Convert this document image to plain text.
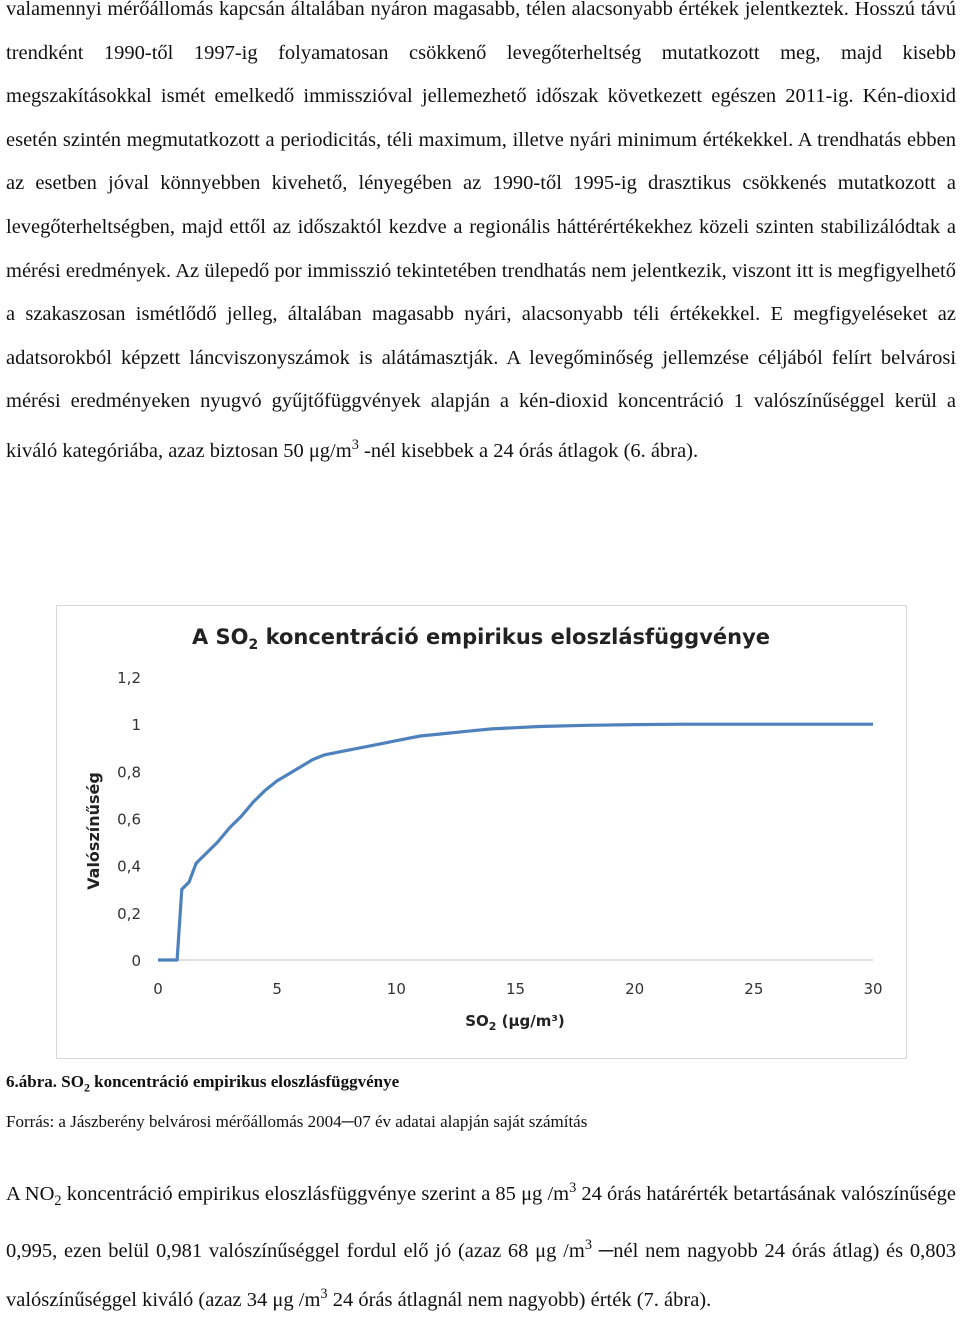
valamennyi mérőállomás kapcsán általában nyáron magasabb, télen alacsonyabb értékek jelentkeztek. Hosszú távú trendként 1990-től 1997-ig folyamatosan csökkenő levegőterheltség mutatkozott meg, majd kisebb megszakításokkal ismét emelkedő immisszióval jellemezhető időszak következett egészen 2011-ig. Kén-dioxid esetén szintén megmutatkozott a periodicitás, téli maximum, illetve nyári minimum értékekkel. A trendhatás ebben az esetben jóval könnyebben kivehető, lényegében az 1990-től 1995-ig drasztikus csökkenés mutatkozott a levegőterheltségben, majd ettől az időszaktól kezdve a regionális háttérértékekhez közeli szinten stabilizálódtak a mérési eredmények. Az ülepedő por immisszió tekintetében trendhatás nem jelentkezik, viszont itt is megfigyelhető a szakaszosan ismétlődő jelleg, általában magasabb nyári, alacsonyabb téli értékekkel. E megfigyeléseket az adatsorokból képzett láncviszonyszámok is alátámasztják. A levegőminőség jellemzése céljából felírt belvárosi mérési eredményeken nyugvó gyűjtőfüggvények alapján a kén-dioxid koncentráció 1 valószínűséggel kerül a kiváló kategóriába, azaz biztosan 50 $\mu g/m^3$ -nél kisebbek a 24 órás átlagok (6. ábra).

A $SO_2$ koncentráció empirikus eloszlásfüggvénye
Valószínűség
$SO_2$ (μg/m³)
0
0,2
0,4
0,6
0,8
1
1,2
0	5	10	15	20	25	30

6.ábra. $SO_2$ koncentráció empirikus eloszlásfüggvénye

Forrás: a Jászberény belvárosi mérőállomás 2004─07 év adatai alapján saját számítás

A $NO_2$ koncentráció empirikus eloszlásfüggvénye szerint a 85 μg $/m^3$ 24 órás határérték betartásának valószínűsége 0,995, ezen belül 0,981 valószínűséggel fordul elő jó (azaz 68 μg $/m^3$ ─nél nem nagyobb 24 órás átlag) és 0,803 valószínűséggel kiváló (azaz 34 μg $/m^3$ 24 órás átlagnál nem nagyobb) érték (7. ábra).
